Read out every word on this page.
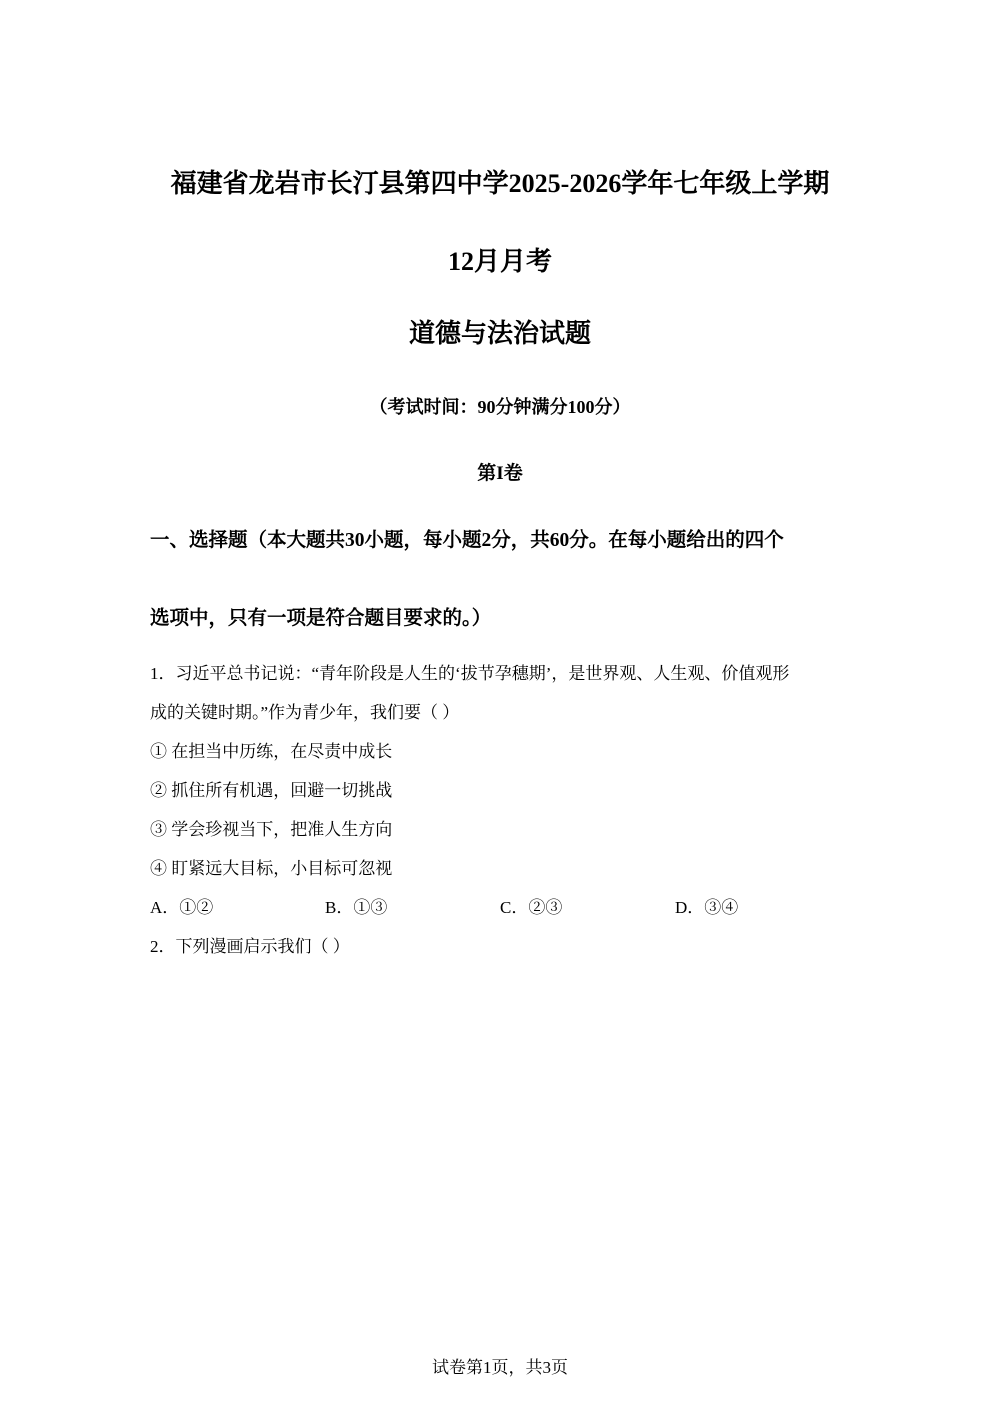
福建省龙岩市长汀县第四中学2025-2026学年七年级上学期
12月月考
道德与法治试题
（考试时间：90分钟满分100分）
第I卷
一、选择题（本大题共30小题，每小题2分，共60分。在每小题给出的四个
选项中，只有一项是符合题目要求的。）
1．习近平总书记说：“青年阶段是人生的‘拔节孕穗期’，是世界观、人生观、价值观形
成的关键时期。”作为青少年，我们要（ ）
① 在担当中历练，在尽责中成长
② 抓住所有机遇，回避一切挑战
③ 学会珍视当下，把准人生方向
④ 盯紧远大目标，小目标可忽视
A．①②	B．①③	C．②③	D．③④
2．下列漫画启示我们（ ）
试卷第1页，共3页
